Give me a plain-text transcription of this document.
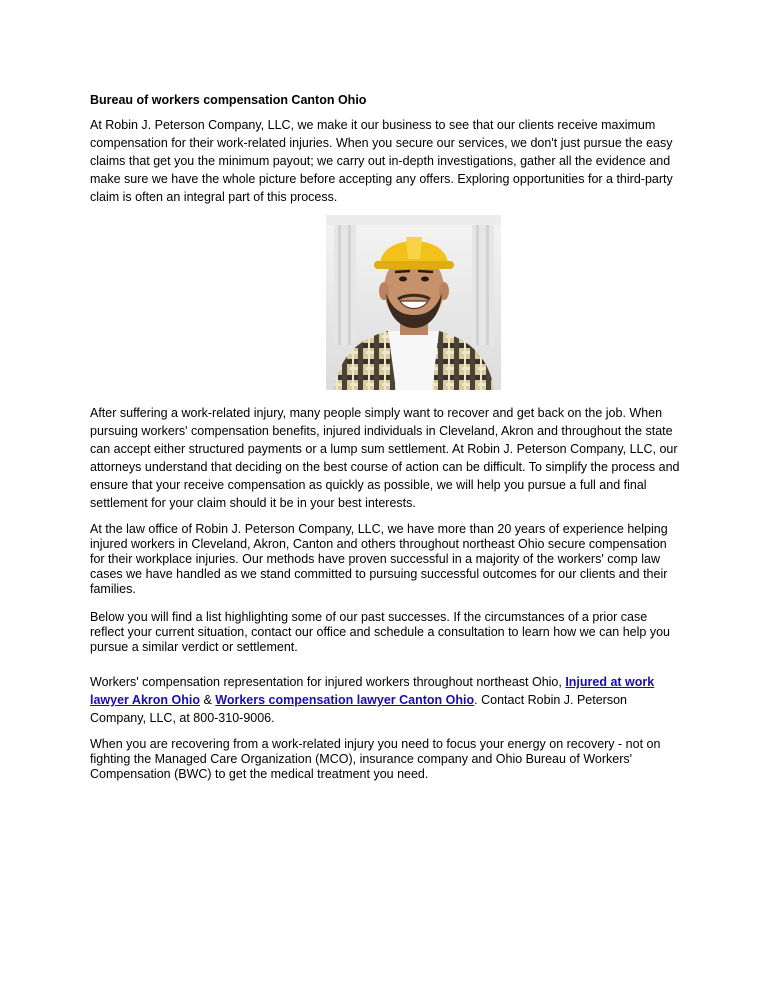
Bureau of workers compensation Canton Ohio

At Robin J. Peterson Company, LLC, we make it our business to see that our clients receive maximum compensation for their work-related injuries. When you secure our services, we don't just pursue the easy claims that get you the minimum payout; we carry out in-depth investigations, gather all the evidence and make sure we have the whole picture before accepting any offers. Exploring opportunities for a third-party claim is often an integral part of this process.

After suffering a work-related injury, many people simply want to recover and get back on the job. When pursuing workers' compensation benefits, injured individuals in Cleveland, Akron and throughout the state can accept either structured payments or a lump sum settlement. At Robin J. Peterson Company, LLC, our attorneys understand that deciding on the best course of action can be difficult. To simplify the process and ensure that your receive compensation as quickly as possible, we will help you pursue a full and final settlement for your claim should it be in your best interests.

At the law office of Robin J. Peterson Company, LLC, we have more than 20 years of experience helping injured workers in Cleveland, Akron, Canton and others throughout northeast Ohio secure compensation for their workplace injuries. Our methods have proven successful in a majority of the workers' comp law cases we have handled as we stand committed to pursuing successful outcomes for our clients and their families.

Below you will find a list highlighting some of our past successes. If the circumstances of a prior case reflect your current situation, contact our office and schedule a consultation to learn how we can help you pursue a similar verdict or settlement.

Workers' compensation representation for injured workers throughout northeast Ohio, Injured at work lawyer Akron Ohio & Workers compensation lawyer Canton Ohio. Contact Robin J. Peterson Company, LLC, at 800-310-9006.

When you are recovering from a work-related injury you need to focus your energy on recovery - not on fighting the Managed Care Organization (MCO), insurance company and Ohio Bureau of Workers' Compensation (BWC) to get the medical treatment you need.
